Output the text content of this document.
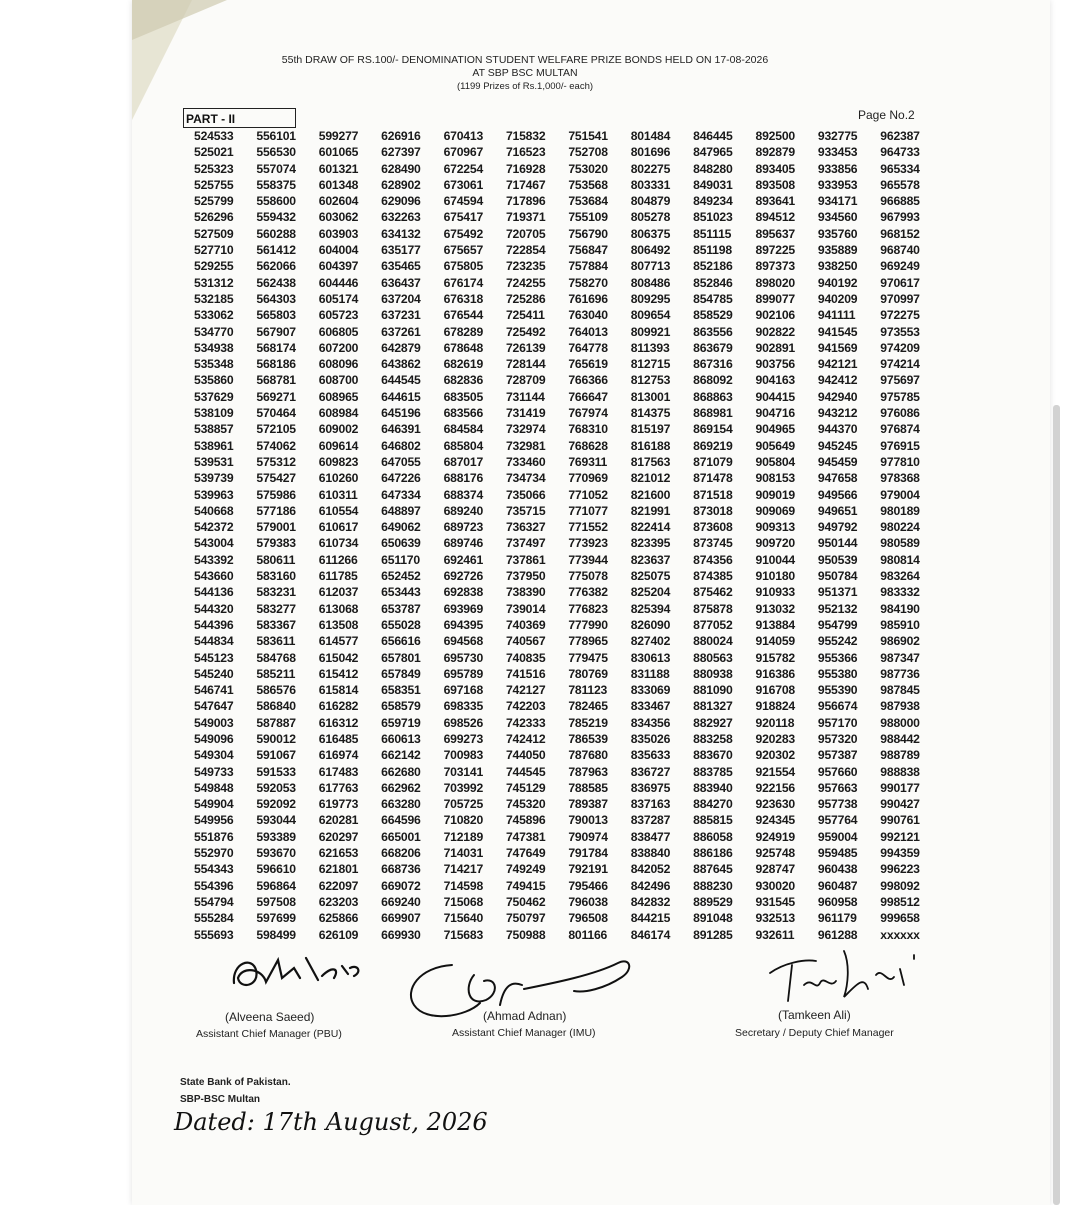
55th DRAW OF RS.100/- DENOMINATION STUDENT WELFARE PRIZE BONDS HELD ON 17-08-2026
AT SBP BSC MULTAN
(1199 Prizes of Rs.1,000/- each)
PART - II	Page No.2
524533	556101	599277	626916	670413	715832	751541	801484	846445	892500	932775	962387
525021	556530	601065	627397	670967	716523	752708	801696	847965	892879	933453	964733
525323	557074	601321	628490	672254	716928	753020	802275	848280	893405	933856	965334
525755	558375	601348	628902	673061	717467	753568	803331	849031	893508	933953	965578
525799	558600	602604	629096	674594	717896	753684	804879	849234	893641	934171	966885
526296	559432	603062	632263	675417	719371	755109	805278	851023	894512	934560	967993
527509	560288	603903	634132	675492	720705	756790	806375	851115	895637	935760	968152
527710	561412	604004	635177	675657	722854	756847	806492	851198	897225	935889	968740
529255	562066	604397	635465	675805	723235	757884	807713	852186	897373	938250	969249
531312	562438	604446	636437	676174	724255	758270	808486	852846	898020	940192	970617
532185	564303	605174	637204	676318	725286	761696	809295	854785	899077	940209	970997
533062	565803	605723	637231	676544	725411	763040	809654	858529	902106	941111	972275
534770	567907	606805	637261	678289	725492	764013	809921	863556	902822	941545	973553
534938	568174	607200	642879	678648	726139	764778	811393	863679	902891	941569	974209
535348	568186	608096	643862	682619	728144	765619	812715	867316	903756	942121	974214
535860	568781	608700	644545	682836	728709	766366	812753	868092	904163	942412	975697
537629	569271	608965	644615	683505	731144	766647	813001	868863	904415	942940	975785
538109	570464	608984	645196	683566	731419	767974	814375	868981	904716	943212	976086
538857	572105	609002	646391	684584	732974	768310	815197	869154	904965	944370	976874
538961	574062	609614	646802	685804	732981	768628	816188	869219	905649	945245	976915
539531	575312	609823	647055	687017	733460	769311	817563	871079	905804	945459	977810
539739	575427	610260	647226	688176	734734	770969	821012	871478	908153	947658	978368
539963	575986	610311	647334	688374	735066	771052	821600	871518	909019	949566	979004
540668	577186	610554	648897	689240	735715	771077	821991	873018	909069	949651	980189
542372	579001	610617	649062	689723	736327	771552	822414	873608	909313	949792	980224
543004	579383	610734	650639	689746	737497	773923	823395	873745	909720	950144	980589
543392	580611	611266	651170	692461	737861	773944	823637	874356	910044	950539	980814
543660	583160	611785	652452	692726	737950	775078	825075	874385	910180	950784	983264
544136	583231	612037	653443	692838	738390	776382	825204	875462	910933	951371	983332
544320	583277	613068	653787	693969	739014	776823	825394	875878	913032	952132	984190
544396	583367	613508	655028	694395	740369	777990	826090	877052	913884	954799	985910
544834	583611	614577	656616	694568	740567	778965	827402	880024	914059	955242	986902
545123	584768	615042	657801	695730	740835	779475	830613	880563	915782	955366	987347
545240	585211	615412	657849	695789	741516	780769	831188	880938	916386	955380	987736
546741	586576	615814	658351	697168	742127	781123	833069	881090	916708	955390	987845
547647	586840	616282	658579	698335	742203	782465	833467	881327	918824	956674	987938
549003	587887	616312	659719	698526	742333	785219	834356	882927	920118	957170	988000
549096	590012	616485	660613	699273	742412	786539	835026	883258	920283	957320	988442
549304	591067	616974	662142	700983	744050	787680	835633	883670	920302	957387	988789
549733	591533	617483	662680	703141	744545	787963	836727	883785	921554	957660	988838
549848	592053	617763	662962	703992	745129	788585	836975	883940	922156	957663	990177
549904	592092	619773	663280	705725	745320	789387	837163	884270	923630	957738	990427
549956	593044	620281	664596	710820	745896	790013	837287	885815	924345	957764	990761
551876	593389	620297	665001	712189	747381	790974	838477	886058	924919	959004	992121
552970	593670	621653	668206	714031	747649	791784	838840	886186	925748	959485	994359
554343	596610	621801	668736	714217	749249	792191	842052	887645	928747	960438	996223
554396	596864	622097	669072	714598	749415	795466	842496	888230	930020	960487	998092
554794	597508	623203	669240	715068	750462	796038	842832	889529	931545	960958	998512
555284	597699	625866	669907	715640	750797	796508	844215	891048	932513	961179	999658
555693	598499	626109	669930	715683	750988	801166	846174	891285	932611	961288	xxxxxx
(Alveena Saeed)
Assistant Chief Manager (PBU)
(Ahmad Adnan)
Assistant Chief Manager (IMU)
(Tamkeen Ali)
Secretary / Deputy Chief Manager
State Bank of Pakistan.
SBP-BSC Multan
Dated: 17th August, 2026
